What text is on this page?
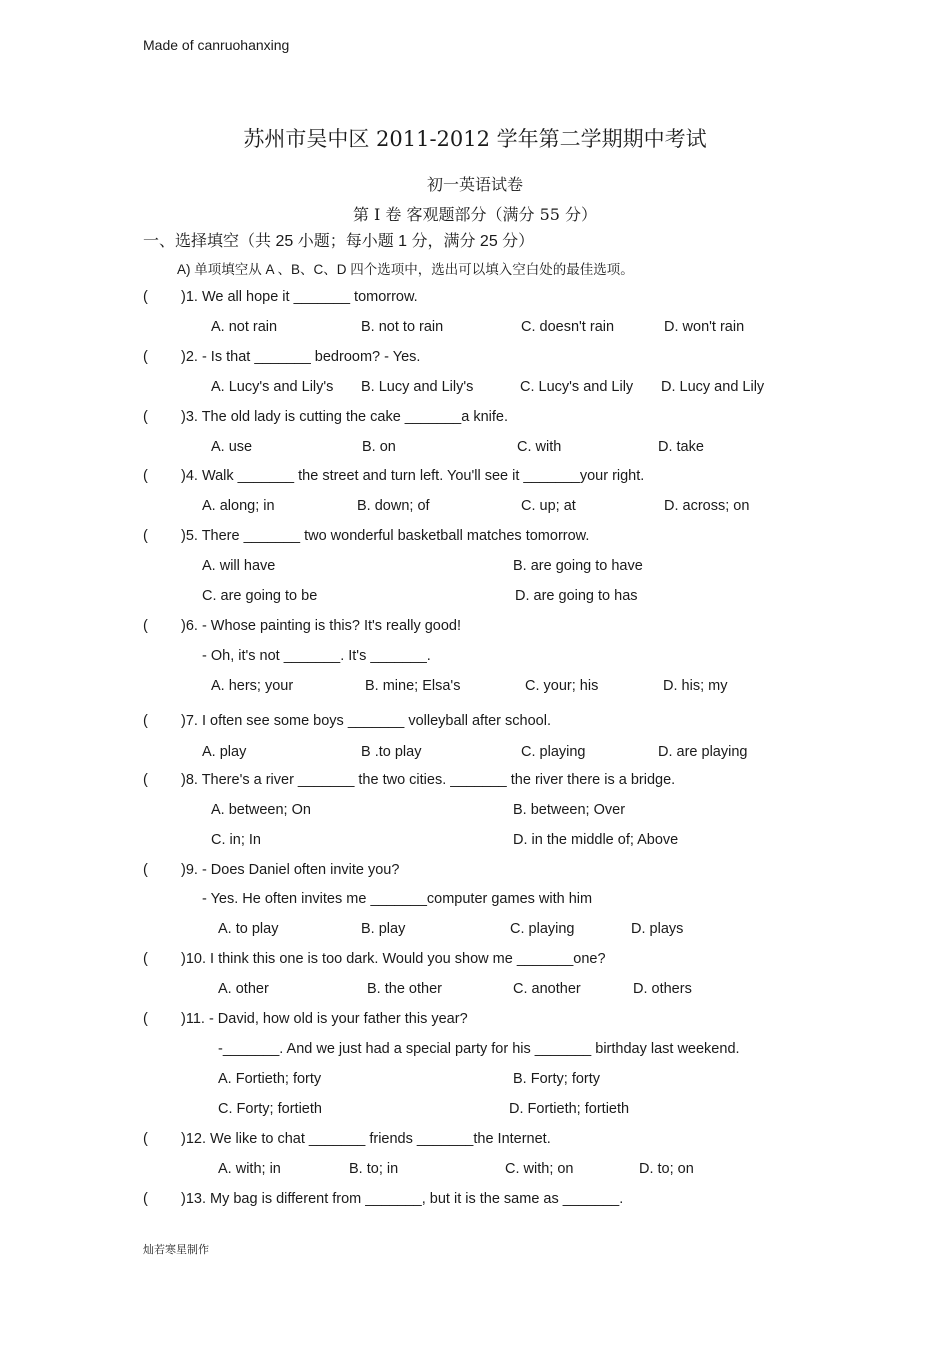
Made of canruohanxing
苏州市吴中区 2011-2012 学年第二学期期中考试
初一英语试卷
第 I 卷 客观题部分（满分 55 分）
一、选择填空（共 25 小题；每小题 1 分，满分 25 分）
A) 单项填空从 A 、B、C、D 四个选项中，选出可以填入空白处的最佳选项。
( )1. We all hope it _______ tomorrow.
A. not rain	B. not to rain	C. doesn't rain	D. won't rain
( )2. - Is that _______ bedroom? - Yes.
A. Lucy's and Lily's B. Lucy and Lily's	C. Lucy's and Lily D. Lucy and Lily
( )3. The old lady is cutting the cake _______a knife.
A. use	B. on	C. with	D. take
( )4. Walk _______ the street and turn left. You'll see it _______your right.
A. along; in	B. down; of	C. up; at	D. across; on
( )5. There _______ two wonderful basketball matches tomorrow.
A. will have	B. are going to have
C. are going to be	D. are going to has
( )6. - Whose painting is this? It's really good!
- Oh, it's not _______. It's _______.
A. hers; your	B. mine; Elsa's	C. your; his	D. his; my
( )7. I often see some boys _______ volleyball after school.
A. play	B .to play	C. playing	D. are playing
( )8. There's a river _______ the two cities. _______ the river there is a bridge.
A. between; On	B. between; Over
C. in; In	D. in the middle of; Above
( )9. - Does Daniel often invite you?
- Yes. He often invites me _______computer games with him
A. to play	B. play	C. playing	D. plays
( )10. I think this one is too dark. Would you show me _______one?
A. other	B. the other	C. another	D. others
( )11. - David, how old is your father this year?
-_______. And we just had a special party for his _______ birthday last weekend.
A. Fortieth; forty	B. Forty; forty
C. Forty; fortieth	D. Fortieth; fortieth
( )12. We like to chat _______ friends _______the Internet.
A. with; in	B. to; in	C. with; on	D. to; on
( )13. My bag is different from _______, but it is the same as _______.
灿若寒星制作
